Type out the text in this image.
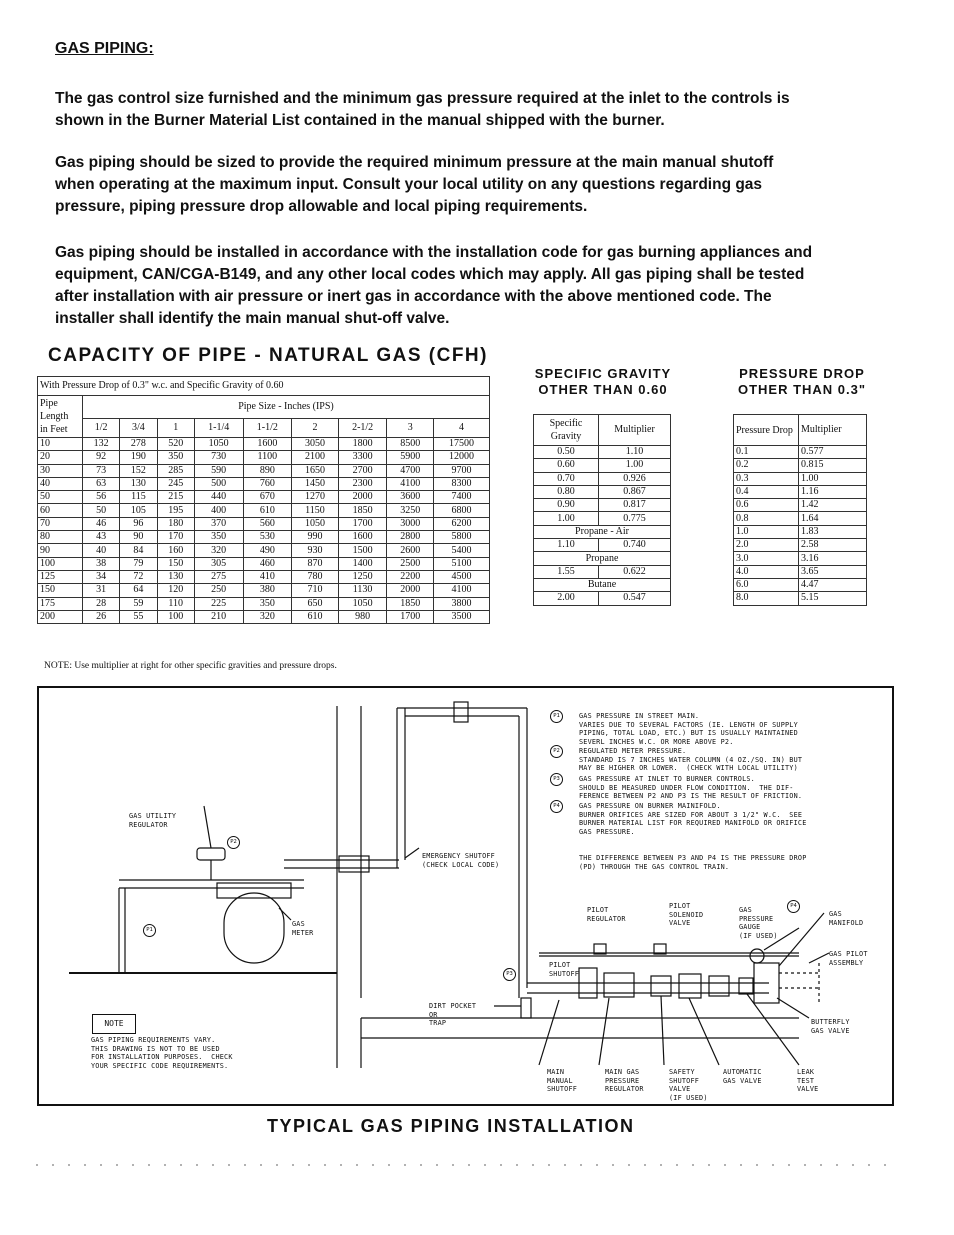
GAS PIPING:
The gas control size furnished and the minimum gas pressure required at the inlet to the controls is
shown in the Burner Material List contained in the manual shipped with the burner.
Gas piping should be sized to provide the required minimum pressure at the main manual shutoff
when operating at the maximum input. Consult your local utility on any questions regarding gas
pressure, piping pressure drop allowable and local piping requirements.
Gas piping should be installed in accordance with the installation code for gas burning appliances and
equipment, CAN/CGA-B149, and any other local codes which may apply. All gas piping shall be tested
after installation with air pressure or inert gas in accordance with the above mentioned code. The
installer shall identify the main manual shut-off valve.
CAPACITY OF PIPE - NATURAL GAS (CFH)
With Pressure Drop of 0.3" w.c. and Specific Gravity of 0.60									

Pipe
Length
in Feet	Pipe Size - Inches (IPS)								
	1/2	3/4	1	1-1/4	1-1/2	2	2-1/2	3	4
10	132	278	520	1050	1600	3050	1800	8500	17500
20	92	190	350	730	1100	2100	3300	5900	12000
30	73	152	285	590	890	1650	2700	4700	9700
40	63	130	245	500	760	1450	2300	4100	8300
50	56	115	215	440	670	1270	2000	3600	7400
60	50	105	195	400	610	1150	1850	3250	6800
70	46	96	180	370	560	1050	1700	3000	6200
80	43	90	170	350	530	990	1600	2800	5800
90	40	84	160	320	490	930	1500	2600	5400
100	38	79	150	305	460	870	1400	2500	5100
125	34	72	130	275	410	780	1250	2200	4500
150	31	64	120	250	380	710	1130	2000	4100
175	28	59	110	225	350	650	1050	1850	3800
200	26	55	100	210	320	610	980	1700	3500
NOTE: Use multiplier at right for other specific gravities and pressure drops.
SPECIFIC GRAVITY
OTHER THAN 0.60
Specific Gravity	Multiplier
0.50	1.10
0.60	1.00
0.70	0.926
0.80	0.867
0.90	0.817
1.00	0.775
Propane - Air	
1.10	0.740
Propane	
1.55	0.622
Butane	
2.00	0.547
PRESSURE DROP
OTHER THAN 0.3"
Pressure Drop	Multiplier
0.1	0.577
0.2	0.815
0.3	1.00
0.4	1.16
0.6	1.42
0.8	1.64
1.0	1.83
2.0	2.58
3.0	3.16
4.0	3.65
6.0	4.47
8.0	5.15
P1	GAS PRESSURE IN STREET MAIN.
VARIES DUE TO SEVERAL FACTORS (IE. LENGTH OF SUPPLY
PIPING, TOTAL LOAD, ETC.) BUT IS USUALLY MAINTAINED
SEVERL INCHES W.C. OR MORE ABOVE P2.
P2	REGULATED METER PRESSURE.
STANDARD IS 7 INCHES WATER COLUMN (4 OZ./SQ. IN) BUT
MAY BE HIGHER OR LOWER.  (CHECK WITH LOCAL UTILITY)
P3	GAS PRESSURE AT INLET TO BURNER CONTROLS.
SHOULD BE MEASURED UNDER FLOW CONDITION.  THE DIF-
FERENCE BETWEEN P2 AND P3 IS THE RESULT OF FRICTION.
P4	GAS PRESSURE ON BURNER MAINIFOLD.
BURNER ORIFICES ARE SIZED FOR ABOUT 3 1/2" W.C.  SEE
BURNER MATERIAL LIST FOR REQUIRED MANIFOLD OR ORIFICE
GAS PRESSURE.
THE DIFFERENCE BETWEEN P3 AND P4 IS THE PRESSURE DROP
(PD) THROUGH THE GAS CONTROL TRAIN.
GAS UTILITY
REGULATOR
P2
P1
GAS
METER
EMERGENCY SHUTOFF
(CHECK LOCAL CODE)
P3
P4
PILOT
REGULATOR
PILOT
SOLENOID
VALVE
GAS
PRESSURE
GAUGE
(IF USED)
GAS
MANIFOLD
GAS PILOT
ASSEMBLY
PILOT
SHUTOFF
DIRT POCKET
OR
TRAP	BUTTERFLY
GAS VALVE
GAS PIPING REQUIREMENTS VARY.
THIS DRAWING IS NOT TO BE USED
FOR INSTALLATION PURPOSES.  CHECK
YOUR SPECIFIC CODE REQUIREMENTS.
MAIN
MANUAL
SHUTOFF
MAIN GAS
PRESSURE
REGULATOR
SAFETY
SHUTOFF
VALVE
(IF USED)
AUTOMATIC
GAS VALVE
LEAK
TEST
VALVE
NOTE
TYPICAL GAS PIPING INSTALLATION
